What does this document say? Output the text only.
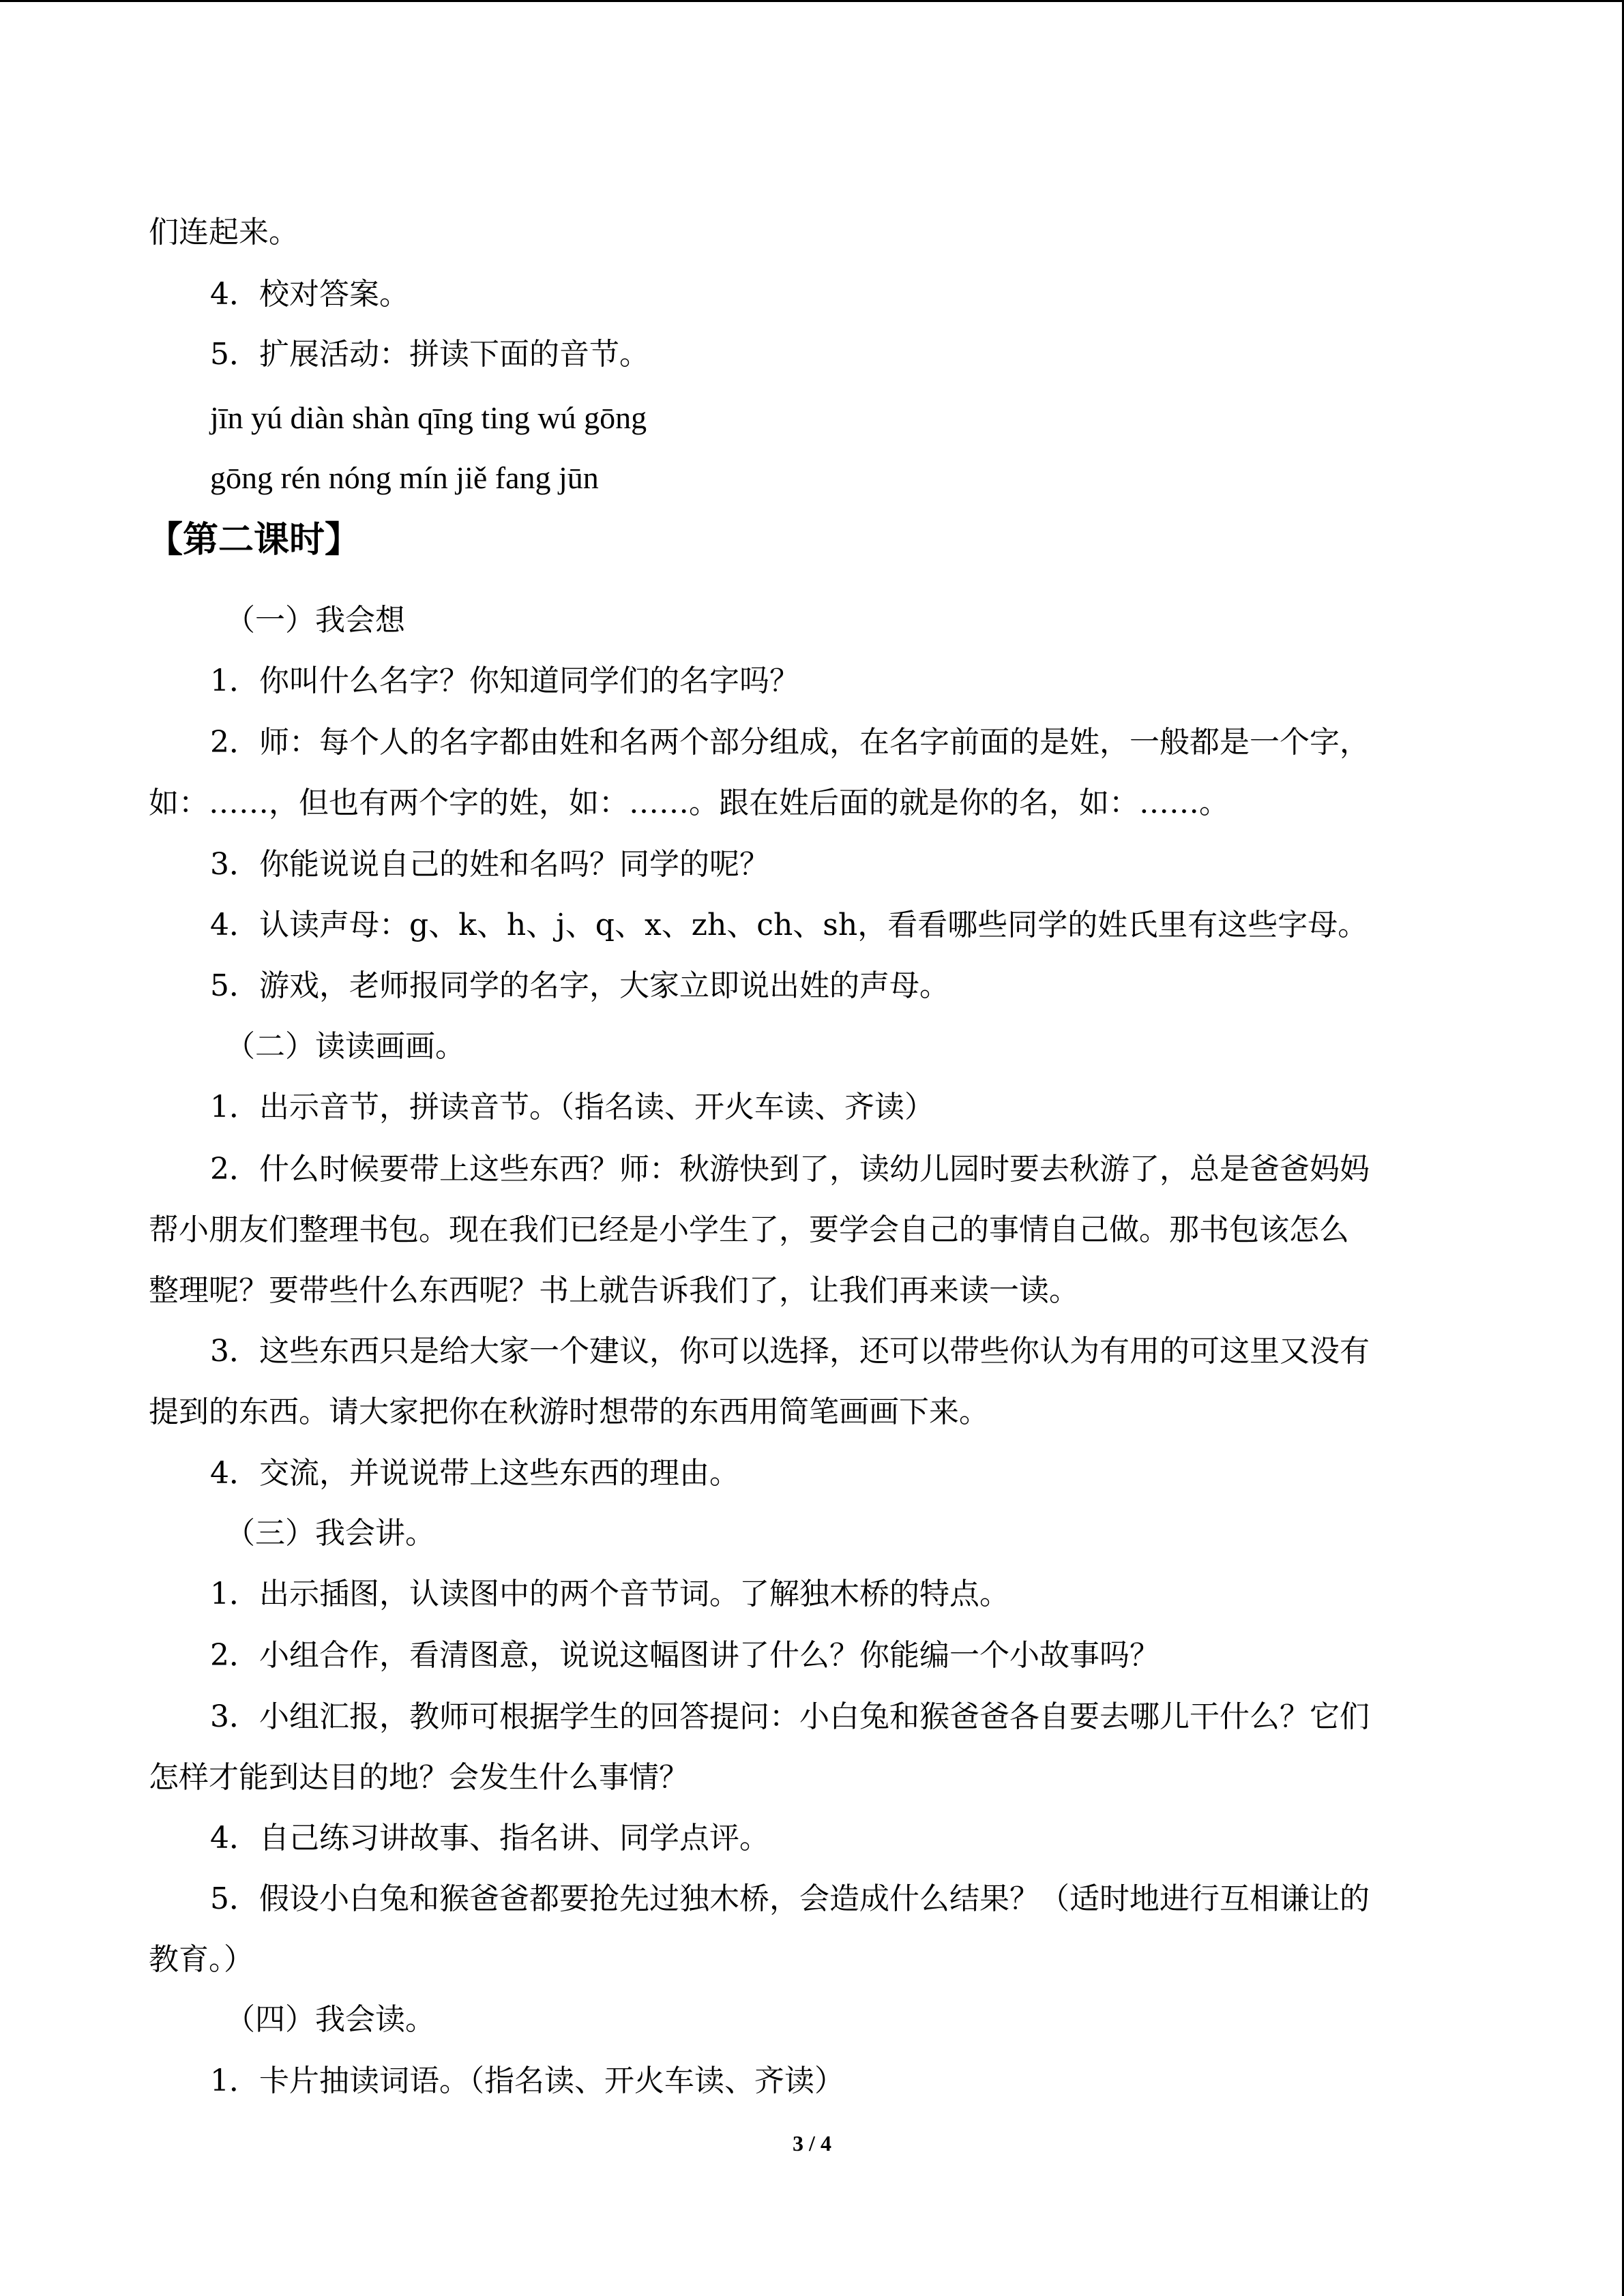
们连起来。
4．校对答案。
5．扩展活动：拼读下面的音节。
jīn yú diàn shàn qīng ting wú gōng
gōng rén nóng mín jiě fang jūn
【第二课时】
（一）我会想
1．你叫什么名字？你知道同学们的名字吗？
2．师：每个人的名字都由姓和名两个部分组成，在名字前面的是姓，一般都是一个字，
如：……，但也有两个字的姓，如：……。跟在姓后面的就是你的名，如：……。
3．你能说说自己的姓和名吗？同学的呢？
4．认读声母：g、k、h、j、q、x、zh、ch、sh，看看哪些同学的姓氏里有这些字母。
5．游戏，老师报同学的名字，大家立即说出姓的声母。
（二）读读画画。
1．出示音节，拼读音节。（指名读、开火车读、齐读）
2．什么时候要带上这些东西？师：秋游快到了，读幼儿园时要去秋游了，总是爸爸妈妈
帮小朋友们整理书包。现在我们已经是小学生了，要学会自己的事情自己做。那书包该怎么
整理呢？要带些什么东西呢？书上就告诉我们了，让我们再来读一读。
3．这些东西只是给大家一个建议，你可以选择，还可以带些你认为有用的可这里又没有
提到的东西。请大家把你在秋游时想带的东西用简笔画画下来。
4．交流，并说说带上这些东西的理由。
（三）我会讲。
1．出示插图，认读图中的两个音节词。了解独木桥的特点。
2．小组合作，看清图意，说说这幅图讲了什么？你能编一个小故事吗？
3．小组汇报，教师可根据学生的回答提问：小白兔和猴爸爸各自要去哪儿干什么？它们
怎样才能到达目的地？会发生什么事情？
4．自己练习讲故事、指名讲、同学点评。
5．假设小白兔和猴爸爸都要抢先过独木桥，会造成什么结果？（适时地进行互相谦让的
教育。）
（四）我会读。
1．卡片抽读词语。（指名读、开火车读、齐读）
3 / 4
